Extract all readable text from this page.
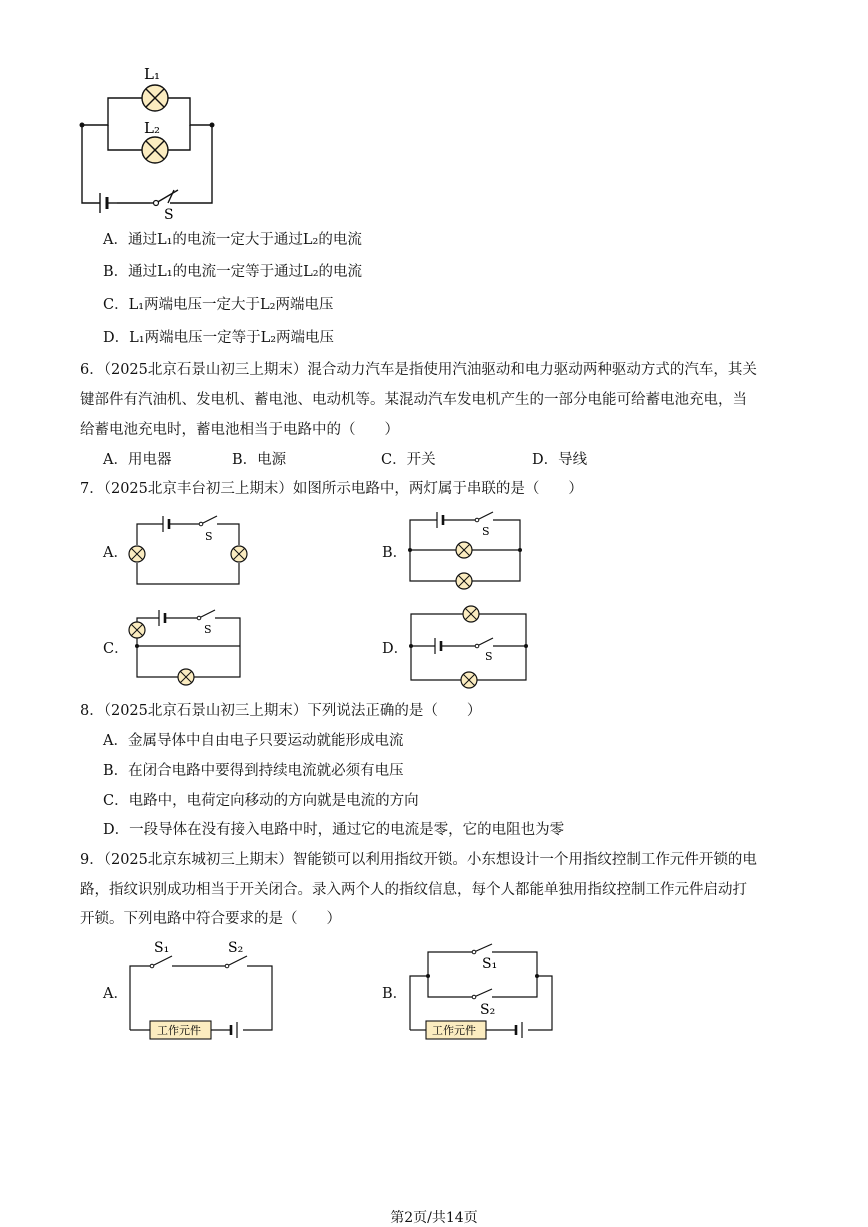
L₁
L₂
S
A．通过L₁的电流一定大于通过L₂的电流
B．通过L₁的电流一定等于通过L₂的电流
C．L₁两端电压一定大于L₂两端电压
D．L₁两端电压一定等于L₂两端电压
6．（2025北京石景山初三上期末）混合动力汽车是指使用汽油驱动和电力驱动两种驱动方式的汽车，其关
键部件有汽油机、发电机、蓄电池、电动机等。某混动汽车发电机产生的一部分电能可给蓄电池充电，当
给蓄电池充电时，蓄电池相当于电路中的（　　）
A．用电器	B．电源	C．开关	D．导线
7．（2025北京丰台初三上期末）如图所示电路中，两灯属于串联的是（　　）
A．	B．
C．	D．
S	S
S
S
8．（2025北京石景山初三上期末）下列说法正确的是（　　）
A．金属导体中自由电子只要运动就能形成电流
B．在闭合电路中要得到持续电流就必须有电压
C．电路中，电荷定向移动的方向就是电流的方向
D．一段导体在没有接入电路中时，通过它的电流是零，它的电阻也为零
9．（2025北京东城初三上期末）智能锁可以利用指纹开锁。小东想设计一个用指纹控制工作元件开锁的电
路，指纹识别成功相当于开关闭合。录入两个人的指纹信息，每个人都能单独用指纹控制工作元件启动打
开锁。下列电路中符合要求的是（　　）
A．	B．
工作元件
S₁	S₂
工作元件
S₁
S₂
第2页/共14页
